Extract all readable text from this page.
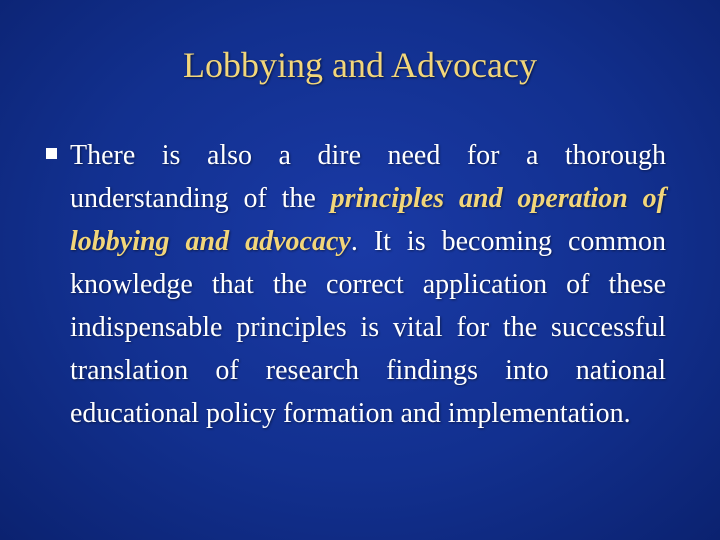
Lobbying and Advocacy
There is also a dire need for a thorough understanding of the principles and operation of lobbying and advocacy. It is becoming common knowledge that the correct application of these indispensable principles is vital for the successful translation of research findings into national educational policy formation and implementation.
